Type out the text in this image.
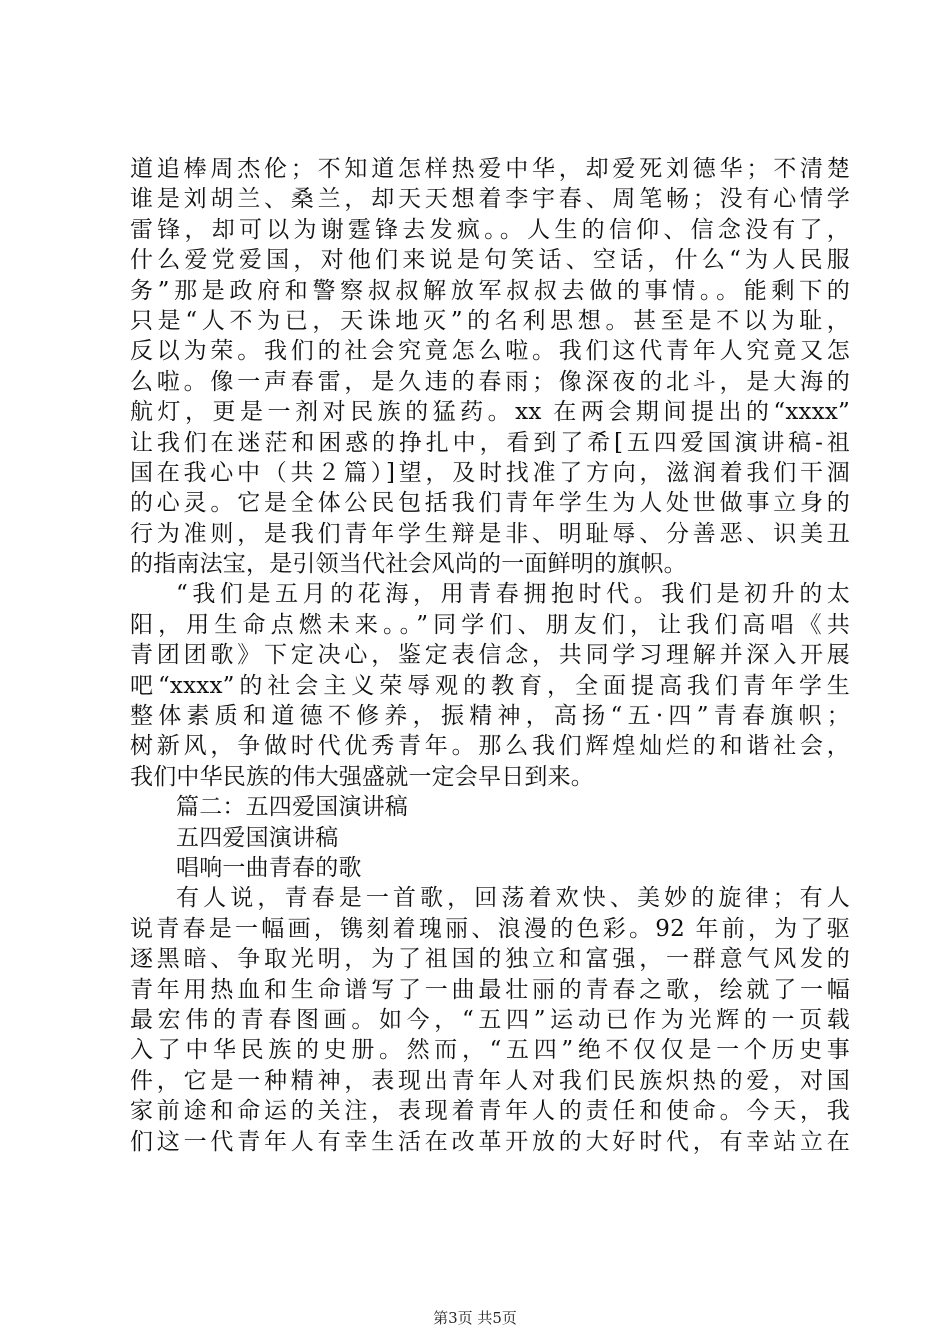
道追棒周杰伦；不知道怎样热爱中华，却爱死刘德华；不清楚
谁是刘胡兰、桑兰，却天天想着李宇春、周笔畅；没有心情学
雷锋，却可以为谢霆锋去发疯。。人生的信仰、信念没有了，
什么爱党爱国，对他们来说是句笑话、空话，什么“为人民服
务”那是政府和警察叔叔解放军叔叔去做的事情。。能剩下的
只是“人不为已，天诛地灭”的名利思想。甚至是不以为耻，
反以为荣。我们的社会究竟怎么啦。我们这代青年人究竟又怎
么啦。像一声春雷，是久违的春雨；像深夜的北斗，是大海的
航灯，更是一剂对民族的猛药。xx 在两会期间提出的“xxxx”
让我们在迷茫和困惑的挣扎中，看到了希[五四爱国演讲稿-祖
国在我心中（共２篇）]望，及时找准了方向，滋润着我们干涸
的心灵。它是全体公民包括我们青年学生为人处世做事立身的
行为准则，是我们青年学生辩是非、明耻辱、分善恶、识美丑
的指南法宝，是引领当代社会风尚的一面鲜明的旗帜。
“我们是五月的花海，用青春拥抱时代。我们是初升的太
阳，用生命点燃未来。。”同学们、朋友们，让我们高唱《共
青团团歌》下定决心，鉴定表信念，共同学习理解并深入开展
吧“xxxx”的社会主义荣辱观的教育，全面提高我们青年学生
整体素质和道德不修养，振精神，高扬“五·四”青春旗帜；
树新风，争做时代优秀青年。那么我们辉煌灿烂的和谐社会，
我们中华民族的伟大强盛就一定会早日到来。
篇二：五四爱国演讲稿
五四爱国演讲稿
唱响一曲青春的歌
有人说，青春是一首歌，回荡着欢快、美妙的旋律；有人
说青春是一幅画，镌刻着瑰丽、浪漫的色彩。92 年前，为了驱
逐黑暗、争取光明，为了祖国的独立和富强，一群意气风发的
青年用热血和生命谱写了一曲最壮丽的青春之歌，绘就了一幅
最宏伟的青春图画。如今，“五四”运动已作为光辉的一页载
入了中华民族的史册。然而，“五四”绝不仅仅是一个历史事
件，它是一种精神，表现出青年人对我们民族炽热的爱，对国
家前途和命运的关注，表现着青年人的责任和使命。今天，我
们这一代青年人有幸生活在改革开放的大好时代，有幸站立在
第3页 共5页
